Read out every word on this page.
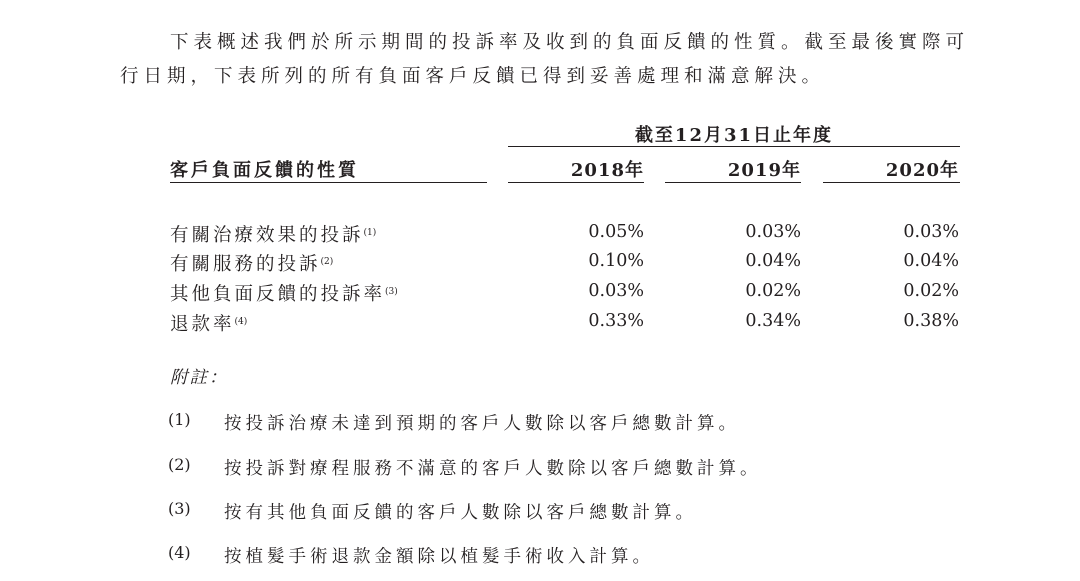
下表概述我們於所示期間的投訴率及收到的負面反饋的性質。截至最後實際可
行日期，下表所列的所有負面客戶反饋已得到妥善處理和滿意解決。
截至12月31日止年度
客戶負面反饋的性質	2018年	2019年	2020年
有關治療效果的投訴$^{(1)}$	0.05%	0.03%	0.03%
有關服務的投訴$^{(2)}$	0.10%	0.04%	0.04%
其他負面反饋的投訴率$^{(3)}$	0.03%	0.02%	0.02%
退款率$^{(4)}$	0.33%	0.34%	0.38%
附註：
(1) 按投訴治療未達到預期的客戶人數除以客戶總數計算。
(2) 按投訴對療程服務不滿意的客戶人數除以客戶總數計算。
(3) 按有其他負面反饋的客戶人數除以客戶總數計算。
(4) 按植髮手術退款金額除以植髮手術收入計算。
